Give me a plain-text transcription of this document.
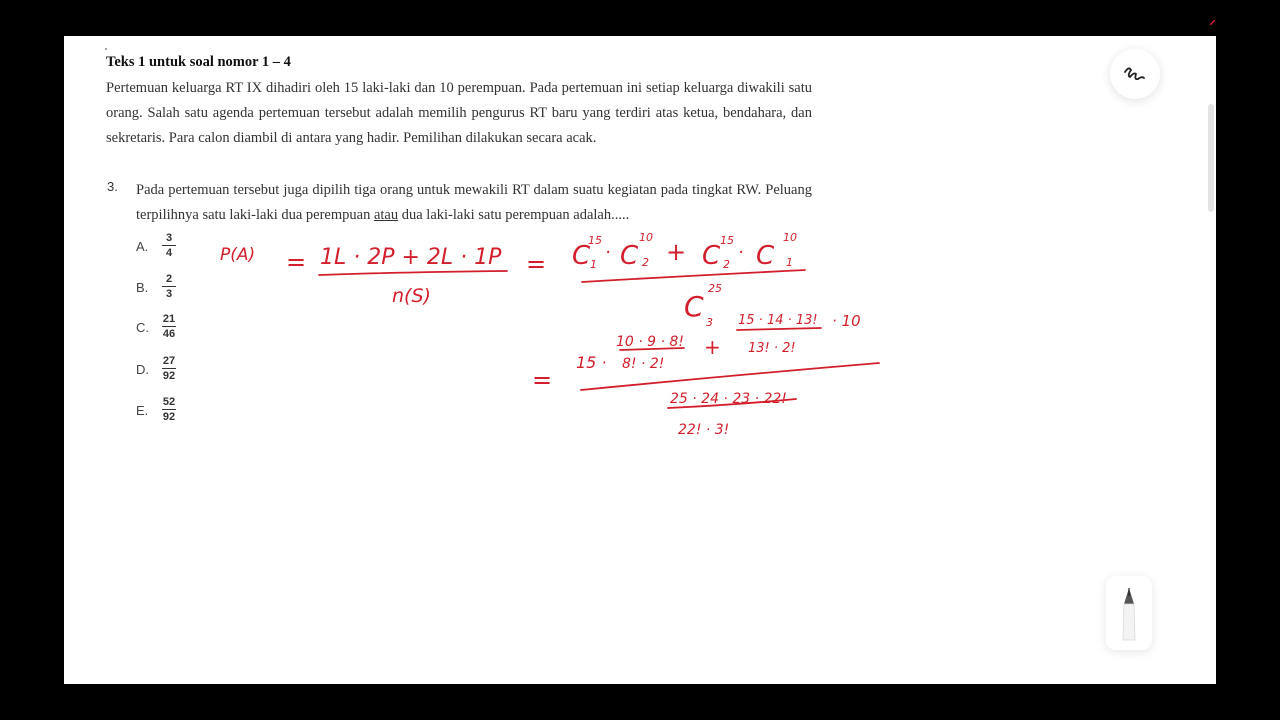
Teks 1 untuk soal nomor 1 – 4
Pertemuan keluarga RT IX dihadiri oleh 15 laki-laki dan 10 perempuan. Pada pertemuan ini setiap keluarga diwakili satu orang. Salah satu agenda pertemuan tersebut adalah memilih pengurus RT baru yang terdiri atas ketua, bendahara, dan sekretaris. Para calon diambil di antara yang hadir. Pemilihan dilakukan secara acak.
3. Pada pertemuan tersebut juga dipilih tiga orang untuk mewakili RT dalam suatu kegiatan pada tingkat RW. Peluang terpilihnya satu laki-laki dua perempuan atau dua laki-laki satu perempuan adalah.....
A.
3
4
B.
2
3
C.
21
46
D.
27
92
E.
52
92
P(A) = 1L · 2P + 2L · 1P
n(S)
= C
15
1
· C
10
2 + C
15
2
· C
10
1
C
25
3
=
15 ·
10 · 9 · 8!
8! · 2!
+
15 · 14 · 13!
13! · 2!
· 10
25 · 24 · 23 · 22!
22! · 3!
